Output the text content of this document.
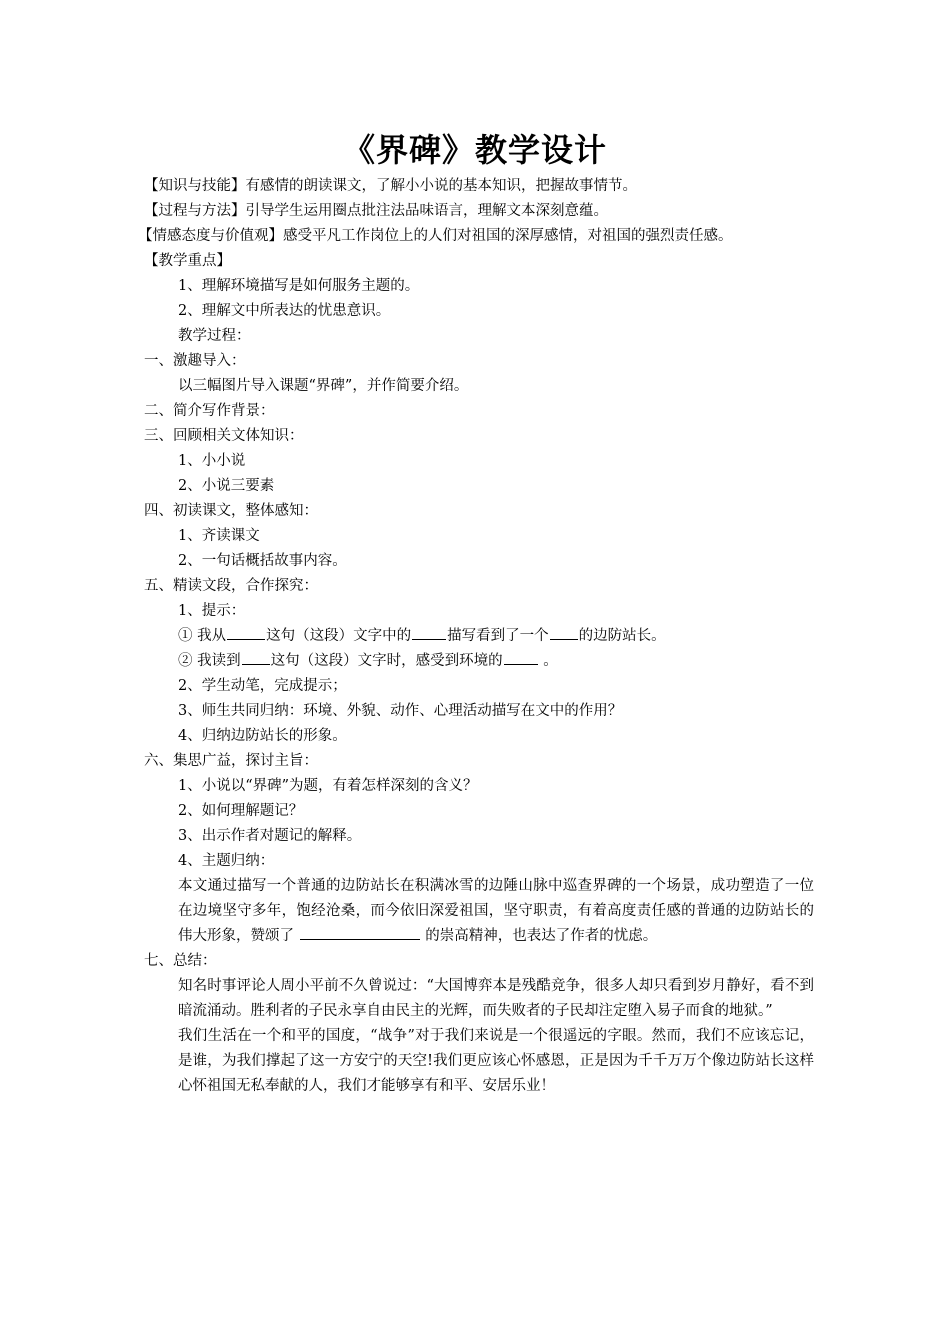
《界碑》教学设计
【知识与技能】有感情的朗读课文，了解小小说的基本知识，把握故事情节。
【过程与方法】引导学生运用圈点批注法品味语言，理解文本深刻意蕴。
【情感态度与价值观】感受平凡工作岗位上的人们对祖国的深厚感情，对祖国的强烈责任感。
【教学重点】
1、理解环境描写是如何服务主题的。
2、理解文中所表达的忧患意识。
教学过程：
一、激趣导入：
以三幅图片导入课题“界碑”，并作简要介绍。
二、简介写作背景：
三、回顾相关文体知识：
1、小小说
2、小说三要素
四、初读课文，整体感知：
1、齐读课文
2、一句话概括故事内容。
五、精读文段，合作探究：
1、提示：
① 我从	这句（这段）文字中的 描写看到了一个 的边防站长。
② 我读到 这句（这段）文字时，感受到环境的 。
2、学生动笔，完成提示；
3、师生共同归纳：环境、外貌、动作、心理活动描写在文中的作用？
4、归纳边防站长的形象。
六、集思广益，探讨主旨：
1、小说以“界碑”为题，有着怎样深刻的含义？
2、如何理解题记？
3、出示作者对题记的解释。
4、主题归纳：
本文通过描写一个普通的边防站长在积满冰雪的边陲山脉中巡查界碑的一个场景，成功塑造了一位在边境坚守多年，饱经沧桑，而今依旧深爱祖国，坚守职责，有着高度责任感的普通的边防站长的伟大形象，赞颂了	的崇高精神，也表达了作者的忧虑。
七、总结：
知名时事评论人周小平前不久曾说过：“大国博弈本是残酷竞争，很多人却只看到岁月静好，看不到暗流涌动。胜利者的子民永享自由民主的光辉，而失败者的子民却注定堕入易子而食的地狱。”
我们生活在一个和平的国度，“战争”对于我们来说是一个很遥远的字眼。然而，我们不应该忘记，是谁，为我们撑起了这一方安宁的天空!我们更应该心怀感恩，正是因为千千万万个像边防站长这样心怀祖国无私奉献的人，我们才能够享有和平、安居乐业！
